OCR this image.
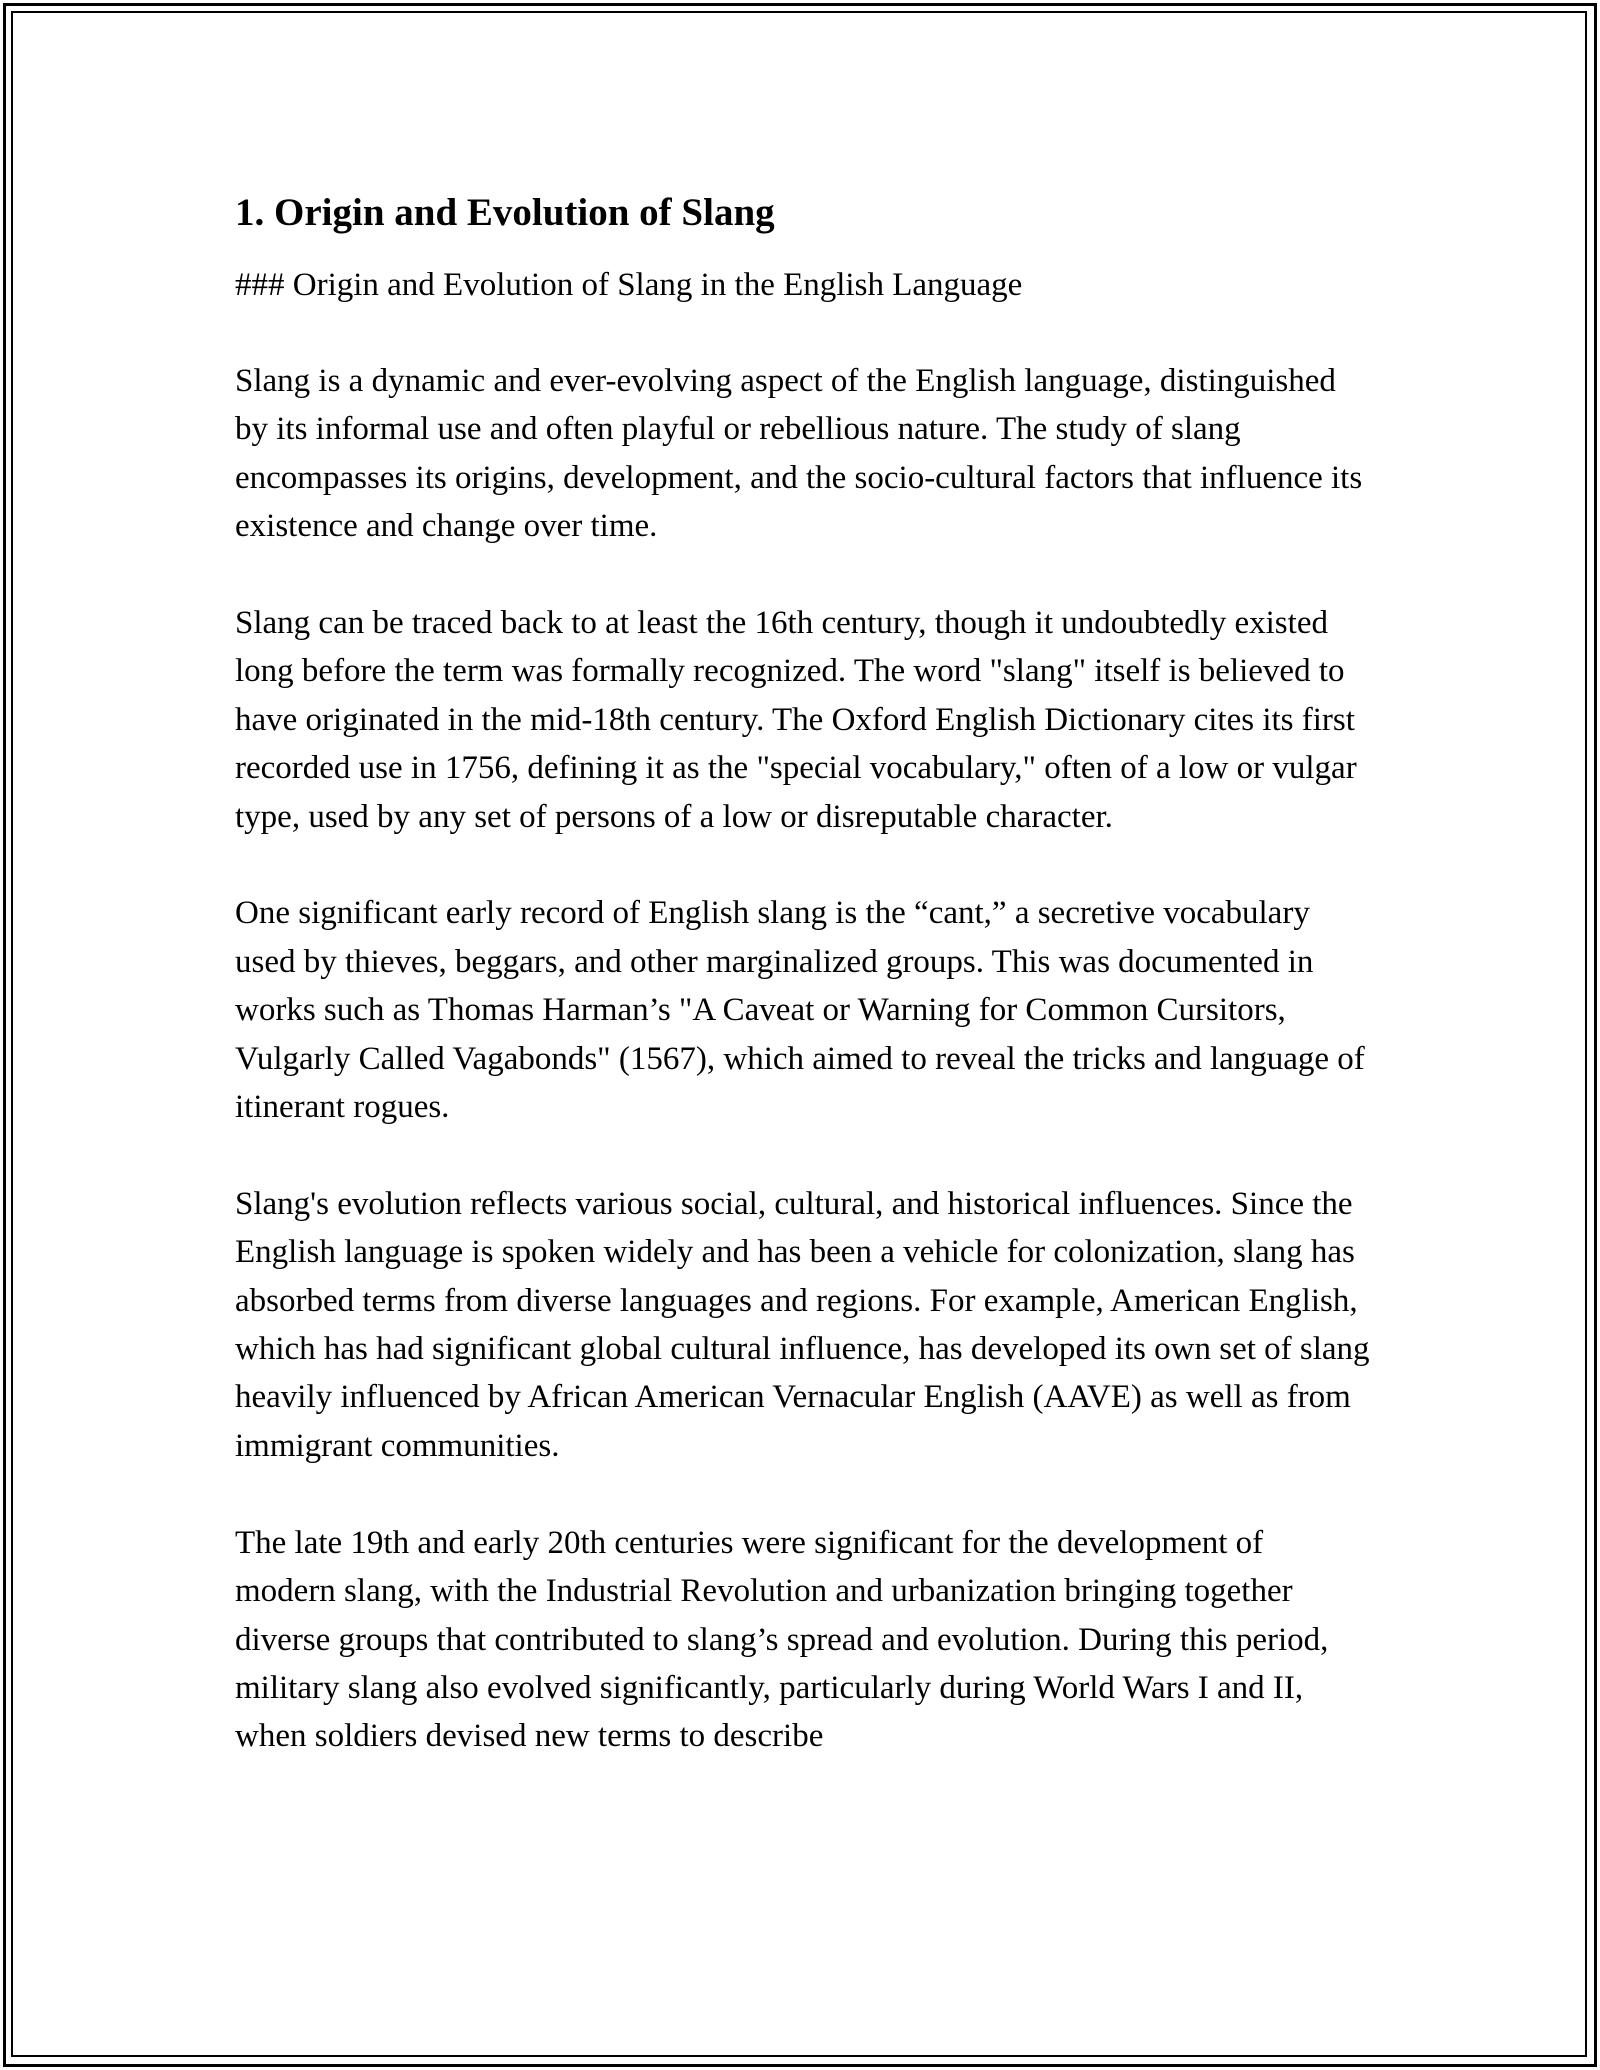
1. Origin and Evolution of Slang

### Origin and Evolution of Slang in the English Language

Slang is a dynamic and ever-evolving aspect of the English language, distinguished by its informal use and often playful or rebellious nature. The study of slang encompasses its origins, development, and the socio-cultural factors that influence its existence and change over time.

Slang can be traced back to at least the 16th century, though it undoubtedly existed long before the term was formally recognized. The word "slang" itself is believed to have originated in the mid-18th century. The Oxford English Dictionary cites its first recorded use in 1756, defining it as the "special vocabulary," often of a low or vulgar type, used by any set of persons of a low or disreputable character.

One significant early record of English slang is the “cant,” a secretive vocabulary used by thieves, beggars, and other marginalized groups. This was documented in works such as Thomas Harman’s "A Caveat or Warning for Common Cursitors, Vulgarly Called Vagabonds" (1567), which aimed to reveal the tricks and language of itinerant rogues.

Slang's evolution reflects various social, cultural, and historical influences. Since the English language is spoken widely and has been a vehicle for colonization, slang has absorbed terms from diverse languages and regions. For example, American English, which has had significant global cultural influence, has developed its own set of slang heavily influenced by African American Vernacular English (AAVE) as well as from immigrant communities.

The late 19th and early 20th centuries were significant for the development of modern slang, with the Industrial Revolution and urbanization bringing together diverse groups that contributed to slang’s spread and evolution. During this period, military slang also evolved significantly, particularly during World Wars I and II, when soldiers devised new terms to describe
